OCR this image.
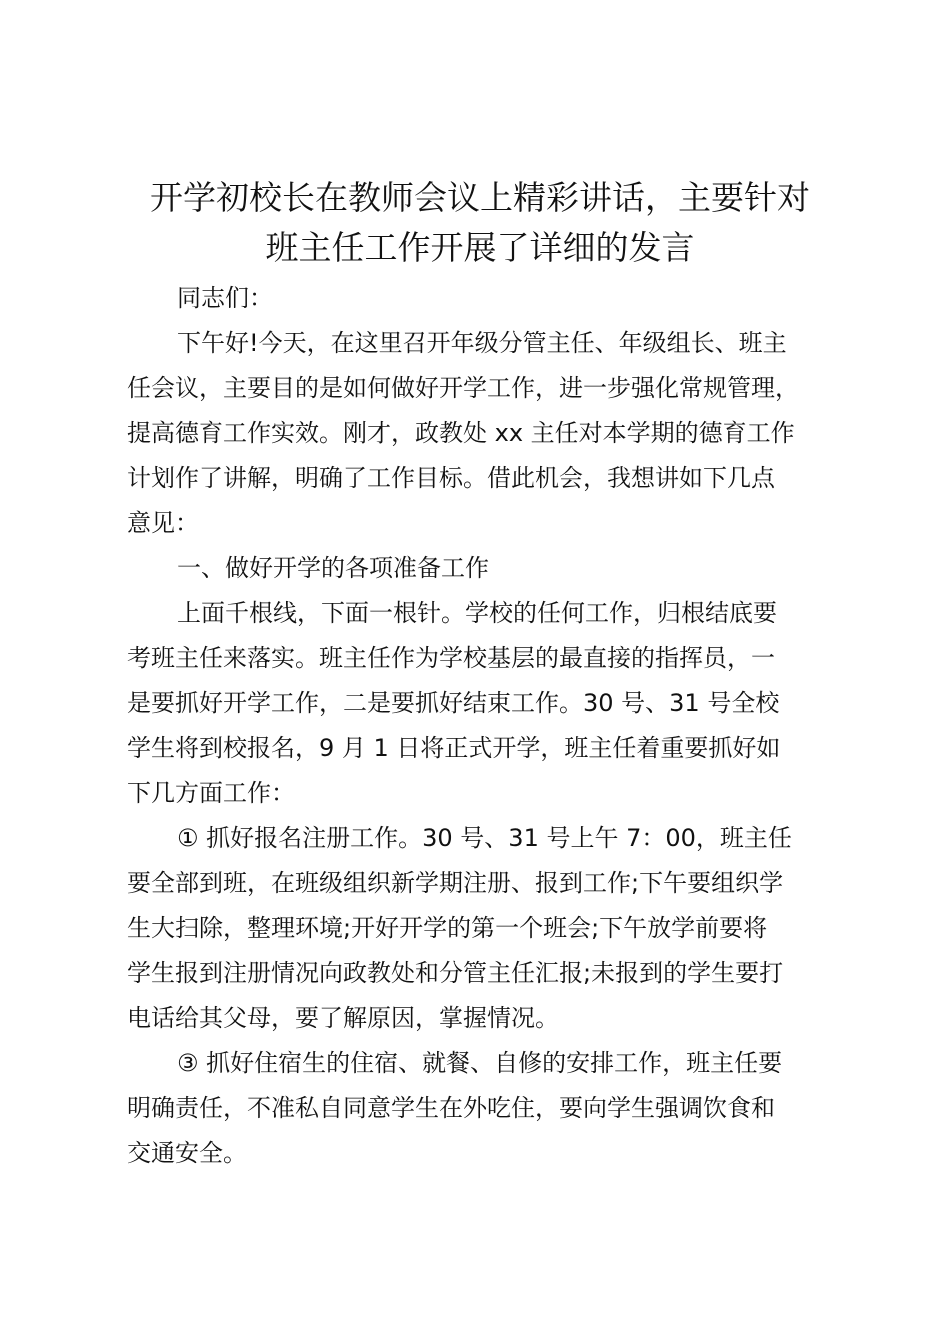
开学初校长在教师会议上精彩讲话，主要针对
班主任工作开展了详细的发言
同志们：
下午好!今天，在这里召开年级分管主任、年级组长、班主
任会议，主要目的是如何做好开学工作，进一步强化常规管理，
提高德育工作实效。刚才，政教处 xx 主任对本学期的德育工作
计划作了讲解，明确了工作目标。借此机会，我想讲如下几点
意见：
一、做好开学的各项准备工作
上面千根线，下面一根针。学校的任何工作，归根结底要
考班主任来落实。班主任作为学校基层的最直接的指挥员，一
是要抓好开学工作，二是要抓好结束工作。30 号、31 号全校
学生将到校报名，9 月 1 日将正式开学，班主任着重要抓好如
下几方面工作：
① 抓好报名注册工作。30 号、31 号上午 7：00，班主任
要全部到班，在班级组织新学期注册、报到工作;下午要组织学
生大扫除，整理环境;开好开学的第一个班会;下午放学前要将
学生报到注册情况向政教处和分管主任汇报;未报到的学生要打
电话给其父母，要了解原因，掌握情况。
③ 抓好住宿生的住宿、就餐、自修的安排工作，班主任要
明确责任，不准私自同意学生在外吃住，要向学生强调饮食和
交通安全。
